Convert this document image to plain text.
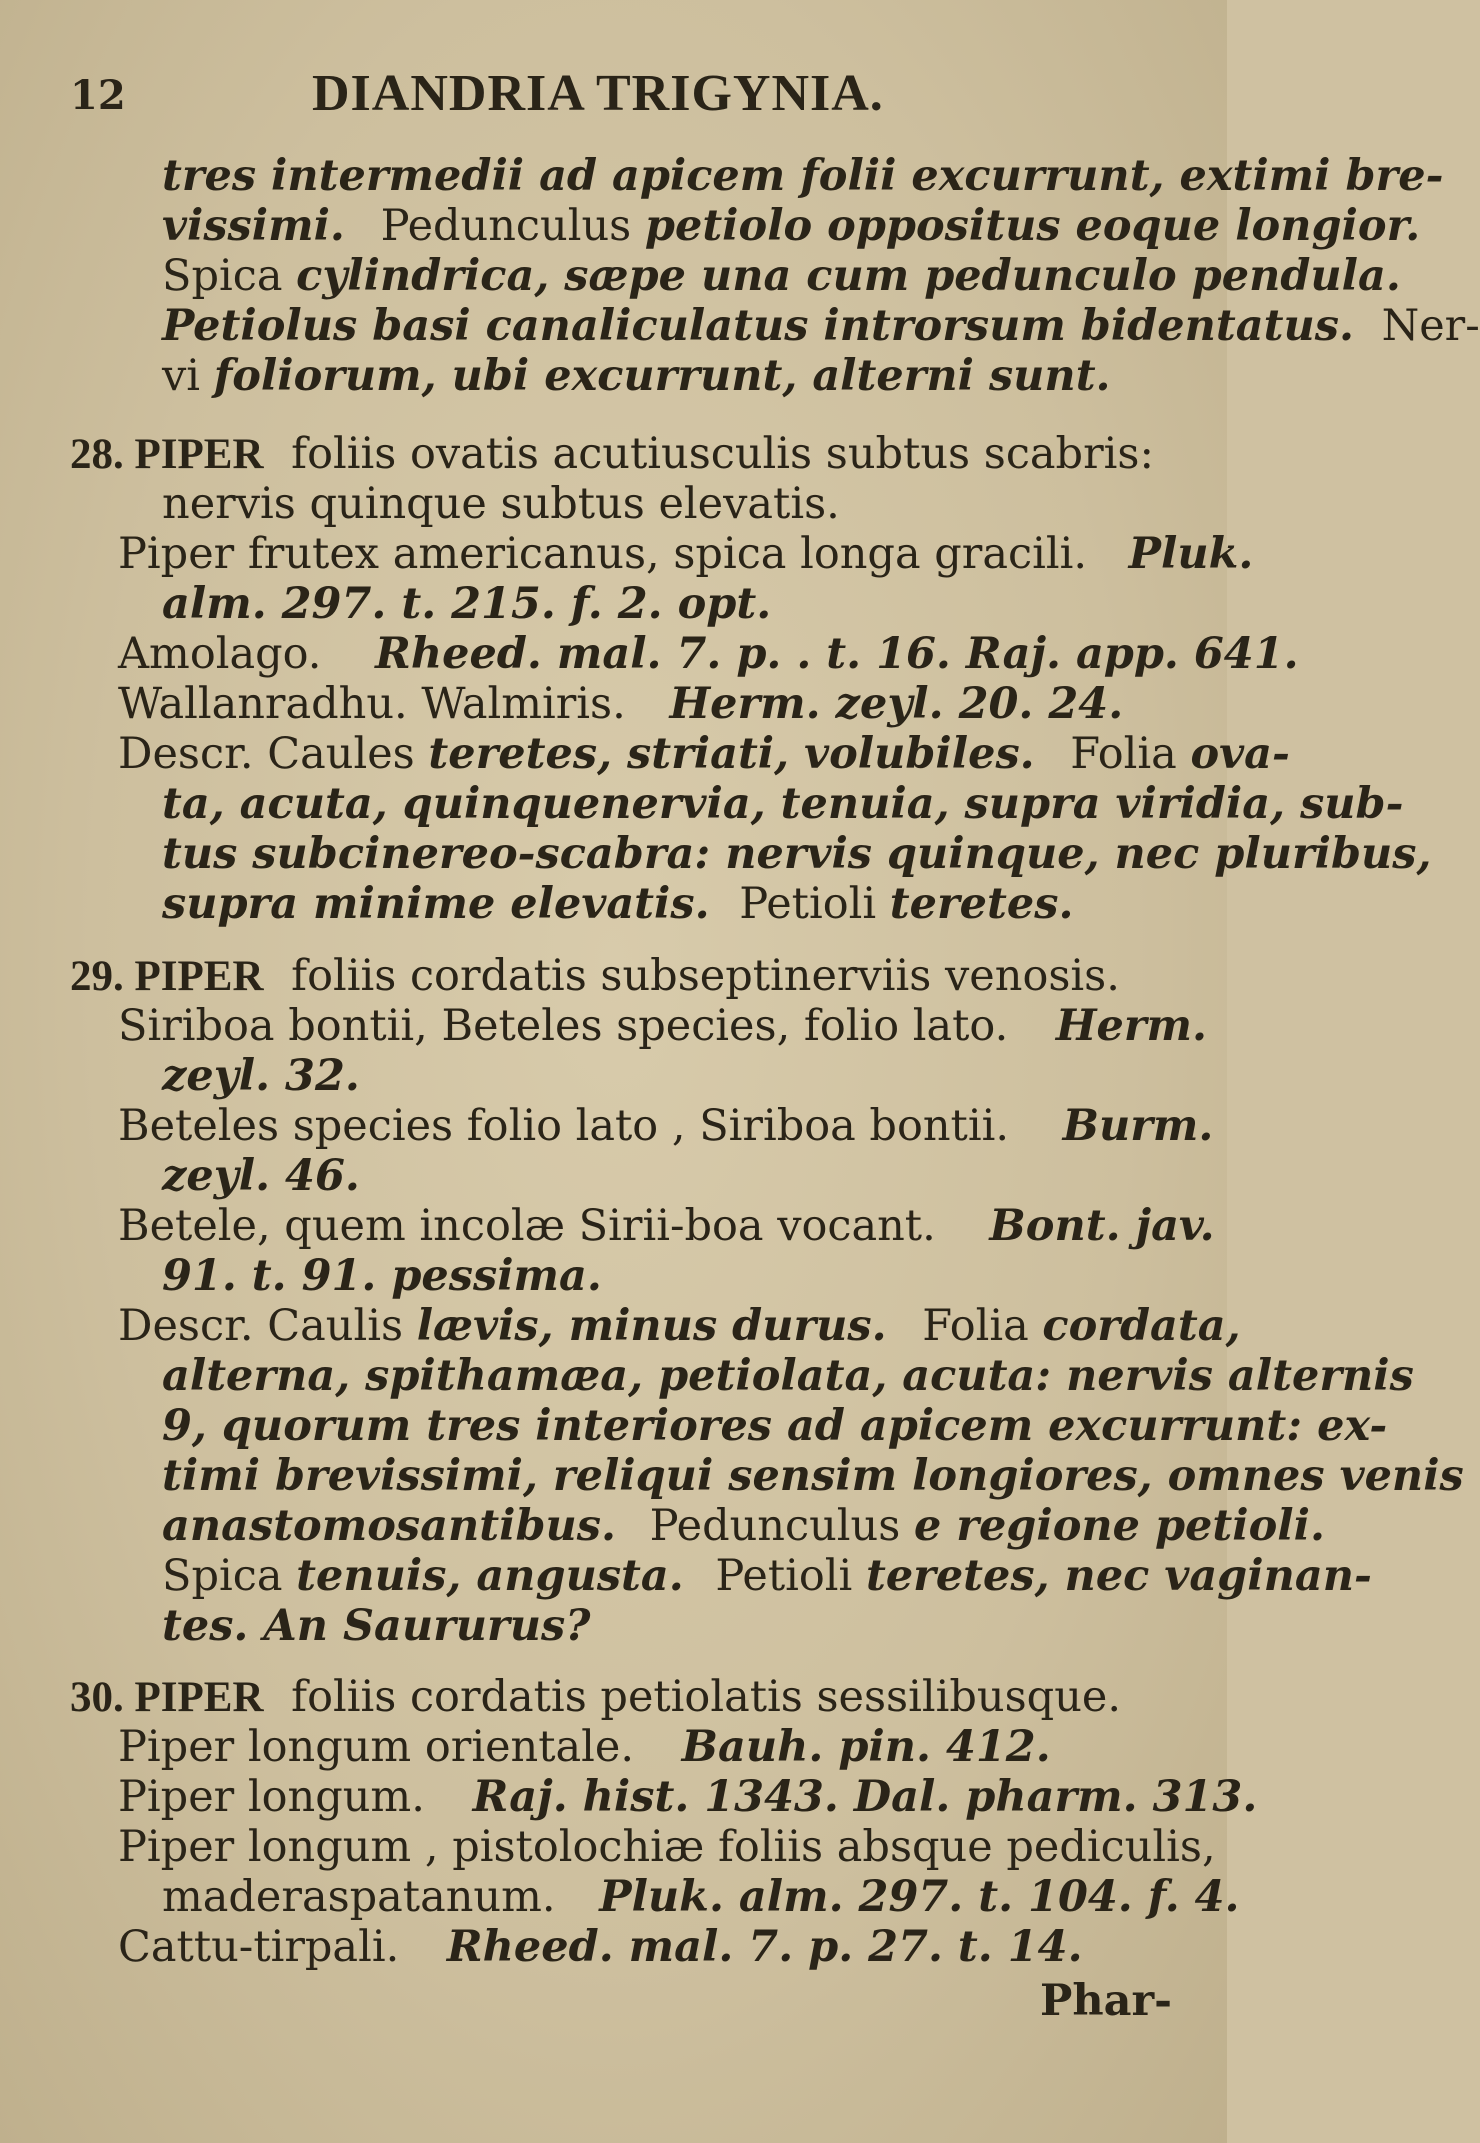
12	DIANDRIA TRIGYNIA.
tres intermedii ad apicem folii excurrunt, extimi bre-
vissimi. Pedunculus petiolo oppositus eoque longior.
Spica cylindrica, sæpe una cum pedunculo pendula.
Petiolus basi canaliculatus introrsum bidentatus. Ner-
vi foliorum, ubi excurrunt, alterni sunt.
28. PIPER foliis ovatis acutiusculis subtus scabris:
nervis quinque subtus elevatis.
Piper frutex americanus, spica longa gracili. Pluk.
alm. 297. t. 215. f. 2. opt.
Amolago. Rheed. mal. 7. p. . t. 16. Raj. app. 641.
Wallanradhu. Walmiris. Herm. zeyl. 20. 24.
Descr. Caules teretes, striati, volubiles. Folia ova-
ta, acuta, quinquenervia, tenuia, supra viridia, sub-
tus subcinereo-scabra: nervis quinque, nec pluribus,
supra minime elevatis. Petioli teretes.
29. PIPER foliis cordatis subseptinerviis venosis.
Siriboa bontii, Beteles species, folio lato. Herm.
zeyl. 32.
Beteles species folio lato , Siriboa bontii. Burm.
zeyl. 46.
Betele, quem incolæ Sirii-boa vocant. Bont. jav.
91. t. 91. pessima.
Descr. Caulis lævis, minus durus. Folia cordata,
alterna, spithamæa, petiolata, acuta: nervis alternis
9, quorum tres interiores ad apicem excurrunt: ex-
timi brevissimi, reliqui sensim longiores, omnes venis
anastomosantibus. Pedunculus e regione petioli.
Spica tenuis, angusta. Petioli teretes, nec vaginan-
tes. An Saururus?
30. PIPER foliis cordatis petiolatis sessilibusque.
Piper longum orientale. Bauh. pin. 412.
Piper longum. Raj. hist. 1343. Dal. pharm. 313.
Piper longum , pistolochiæ foliis absque pediculis,
maderaspatanum. Pluk. alm. 297. t. 104. f. 4.
Cattu-tirpali. Rheed. mal. 7. p. 27. t. 14.
Phar-
